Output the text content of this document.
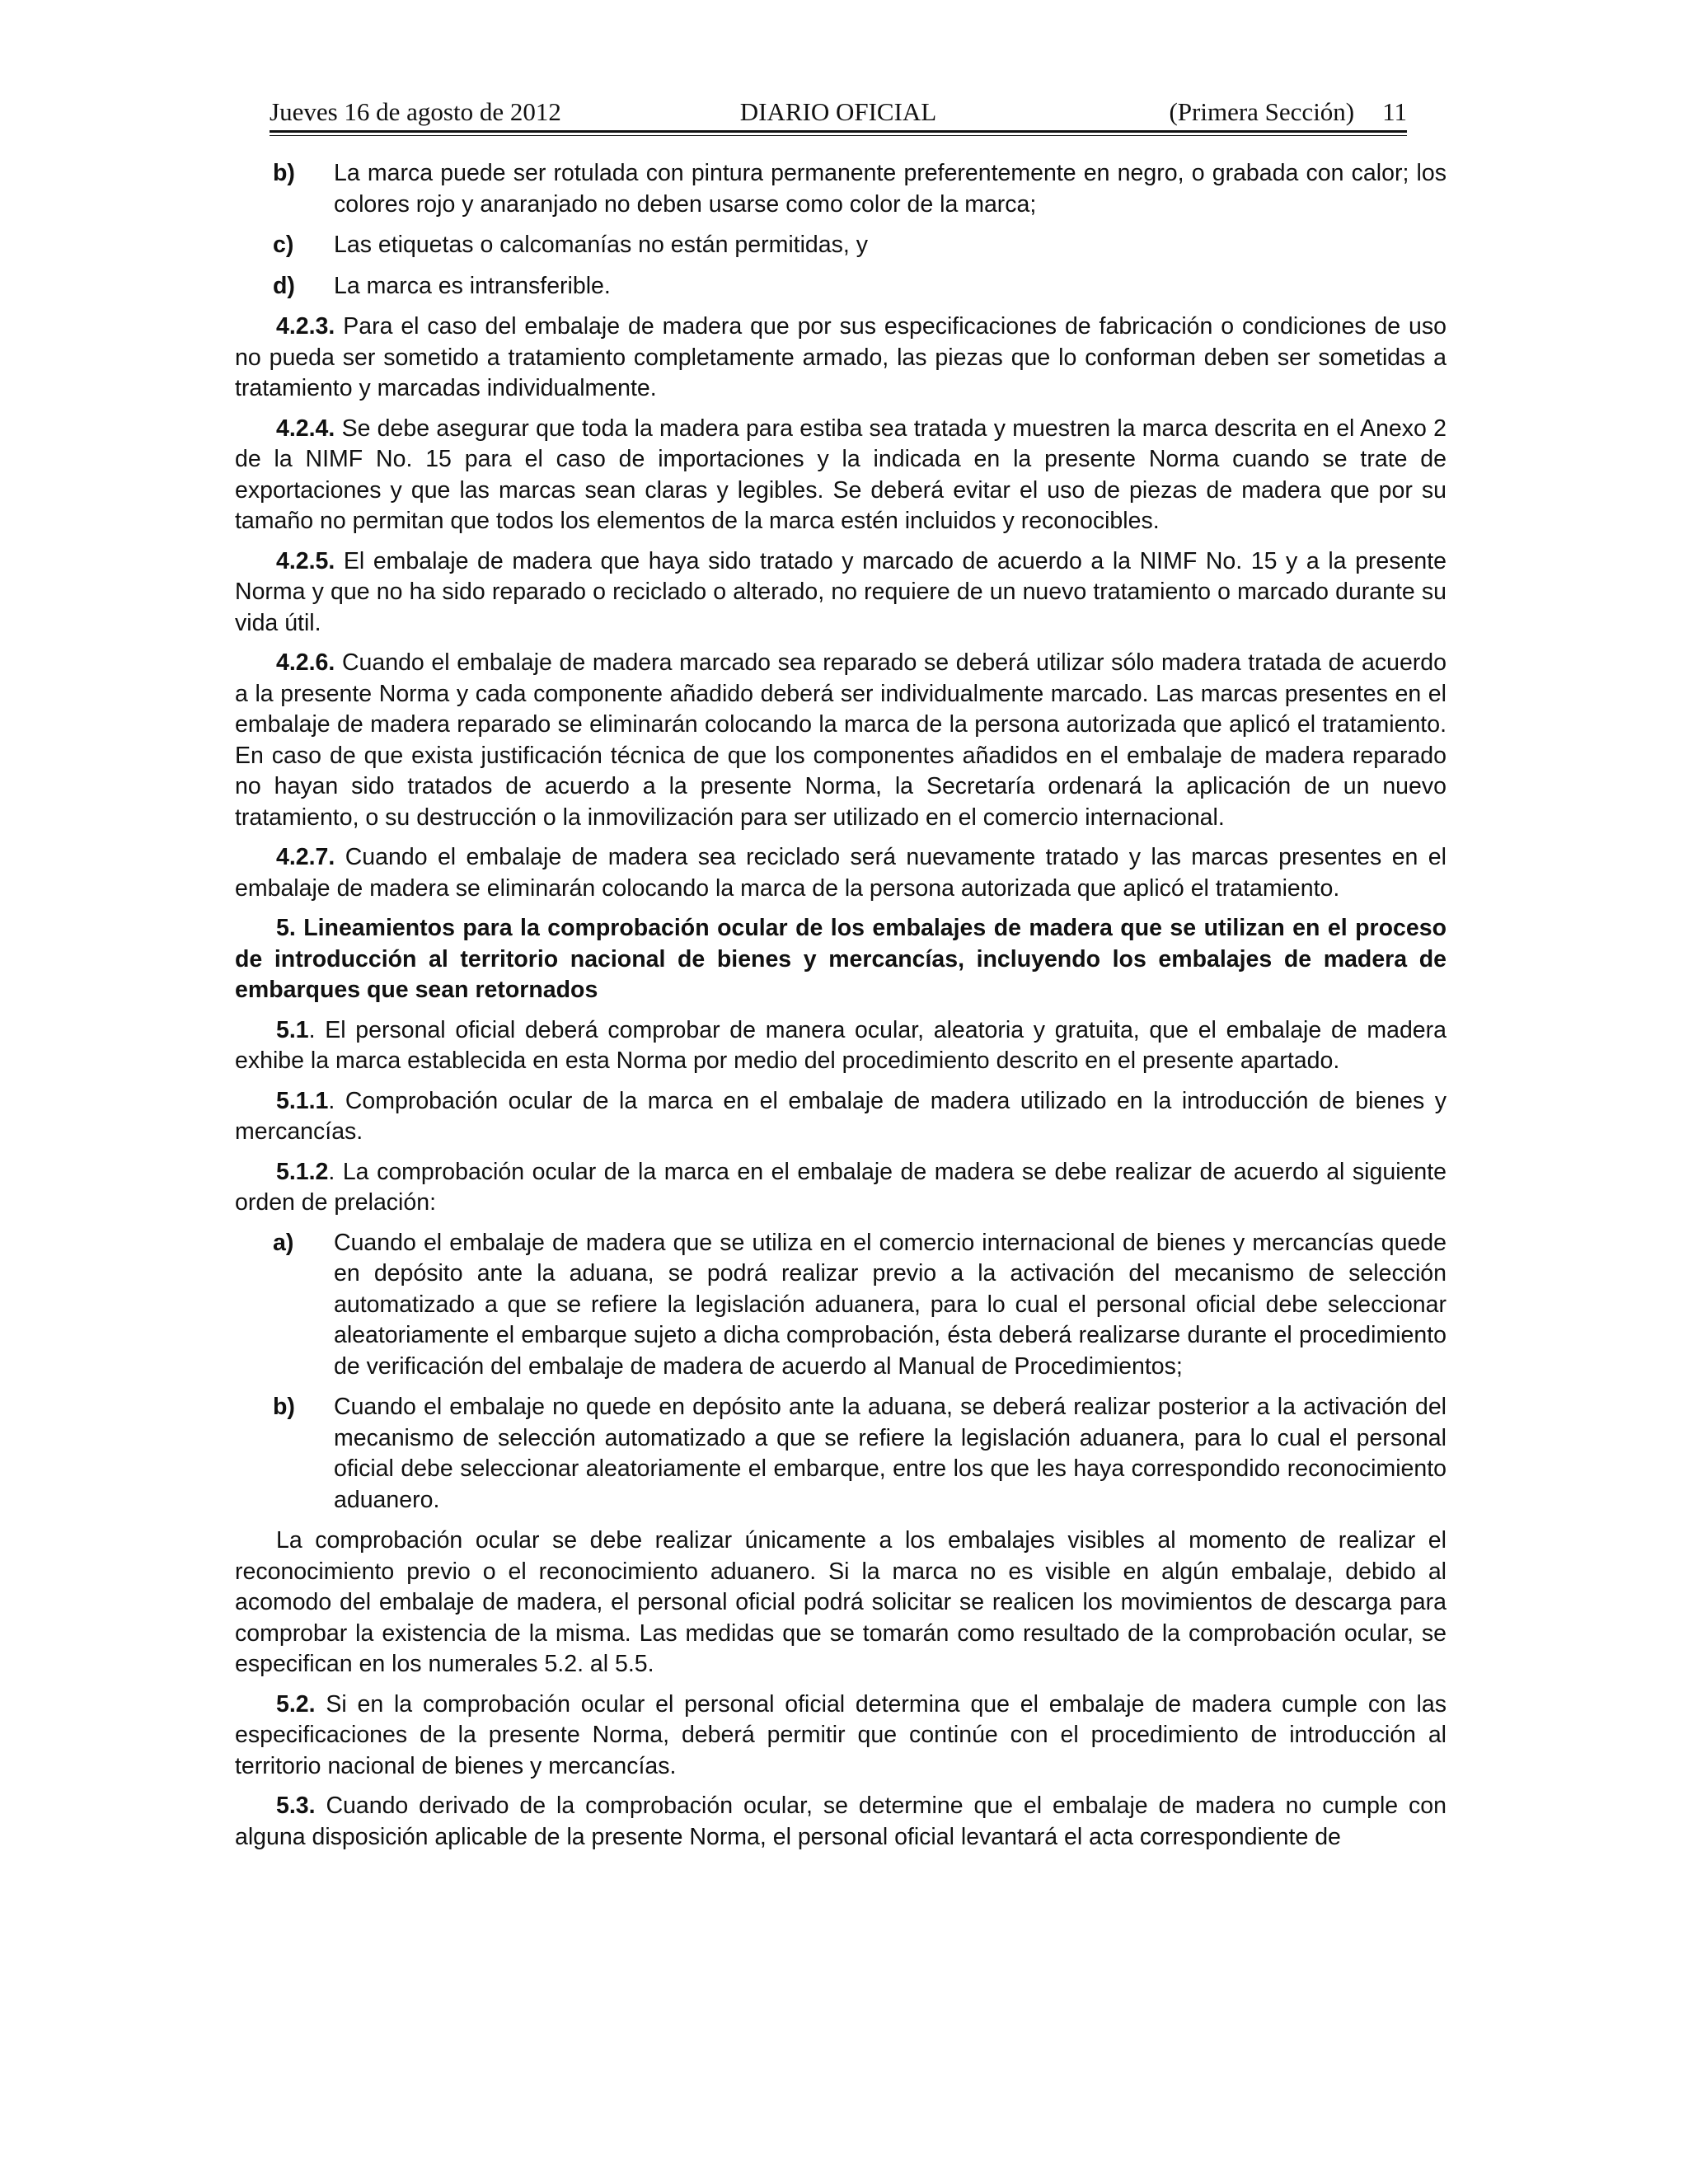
Jueves 16 de agosto de 2012	DIARIO OFICIAL	(Primera Sección) 11
b)	La marca puede ser rotulada con pintura permanente preferentemente en negro, o grabada con calor; los colores rojo y anaranjado no deben usarse como color de la marca;
c)	Las etiquetas o calcomanías no están permitidas, y
d)	La marca es intransferible.
4.2.3. Para el caso del embalaje de madera que por sus especificaciones de fabricación o condiciones de uso no pueda ser sometido a tratamiento completamente armado, las piezas que lo conforman deben ser sometidas a tratamiento y marcadas individualmente.
4.2.4. Se debe asegurar que toda la madera para estiba sea tratada y muestren la marca descrita en el Anexo 2 de la NIMF No. 15 para el caso de importaciones y la indicada en la presente Norma cuando se trate de exportaciones y que las marcas sean claras y legibles. Se deberá evitar el uso de piezas de madera que por su tamaño no permitan que todos los elementos de la marca estén incluidos y reconocibles.
4.2.5. El embalaje de madera que haya sido tratado y marcado de acuerdo a la NIMF No. 15 y a la presente Norma y que no ha sido reparado o reciclado o alterado, no requiere de un nuevo tratamiento o marcado durante su vida útil.
4.2.6. Cuando el embalaje de madera marcado sea reparado se deberá utilizar sólo madera tratada de acuerdo a la presente Norma y cada componente añadido deberá ser individualmente marcado. Las marcas presentes en el embalaje de madera reparado se eliminarán colocando la marca de la persona autorizada que aplicó el tratamiento. En caso de que exista justificación técnica de que los componentes añadidos en el embalaje de madera reparado no hayan sido tratados de acuerdo a la presente Norma, la Secretaría ordenará la aplicación de un nuevo tratamiento, o su destrucción o la inmovilización para ser utilizado en el comercio internacional.
4.2.7. Cuando el embalaje de madera sea reciclado será nuevamente tratado y las marcas presentes en el embalaje de madera se eliminarán colocando la marca de la persona autorizada que aplicó el tratamiento.
5. Lineamientos para la comprobación ocular de los embalajes de madera que se utilizan en el proceso de introducción al territorio nacional de bienes y mercancías, incluyendo los embalajes de madera de embarques que sean retornados
5.1. El personal oficial deberá comprobar de manera ocular, aleatoria y gratuita, que el embalaje de madera exhibe la marca establecida en esta Norma por medio del procedimiento descrito en el presente apartado.
5.1.1. Comprobación ocular de la marca en el embalaje de madera utilizado en la introducción de bienes y mercancías.
5.1.2. La comprobación ocular de la marca en el embalaje de madera se debe realizar de acuerdo al siguiente orden de prelación:
a)	Cuando el embalaje de madera que se utiliza en el comercio internacional de bienes y mercancías quede en depósito ante la aduana, se podrá realizar previo a la activación del mecanismo de selección automatizado a que se refiere la legislación aduanera, para lo cual el personal oficial debe seleccionar aleatoriamente el embarque sujeto a dicha comprobación, ésta deberá realizarse durante el procedimiento de verificación del embalaje de madera de acuerdo al Manual de Procedimientos;
b)	Cuando el embalaje no quede en depósito ante la aduana, se deberá realizar posterior a la activación del mecanismo de selección automatizado a que se refiere la legislación aduanera, para lo cual el personal oficial debe seleccionar aleatoriamente el embarque, entre los que les haya correspondido reconocimiento aduanero.
La comprobación ocular se debe realizar únicamente a los embalajes visibles al momento de realizar el reconocimiento previo o el reconocimiento aduanero. Si la marca no es visible en algún embalaje, debido al acomodo del embalaje de madera, el personal oficial podrá solicitar se realicen los movimientos de descarga para comprobar la existencia de la misma. Las medidas que se tomarán como resultado de la comprobación ocular, se especifican en los numerales 5.2. al 5.5.
5.2. Si en la comprobación ocular el personal oficial determina que el embalaje de madera cumple con las especificaciones de la presente Norma, deberá permitir que continúe con el procedimiento de introducción al territorio nacional de bienes y mercancías.
5.3. Cuando derivado de la comprobación ocular, se determine que el embalaje de madera no cumple con alguna disposición aplicable de la presente Norma, el personal oficial levantará el acta correspondiente de
